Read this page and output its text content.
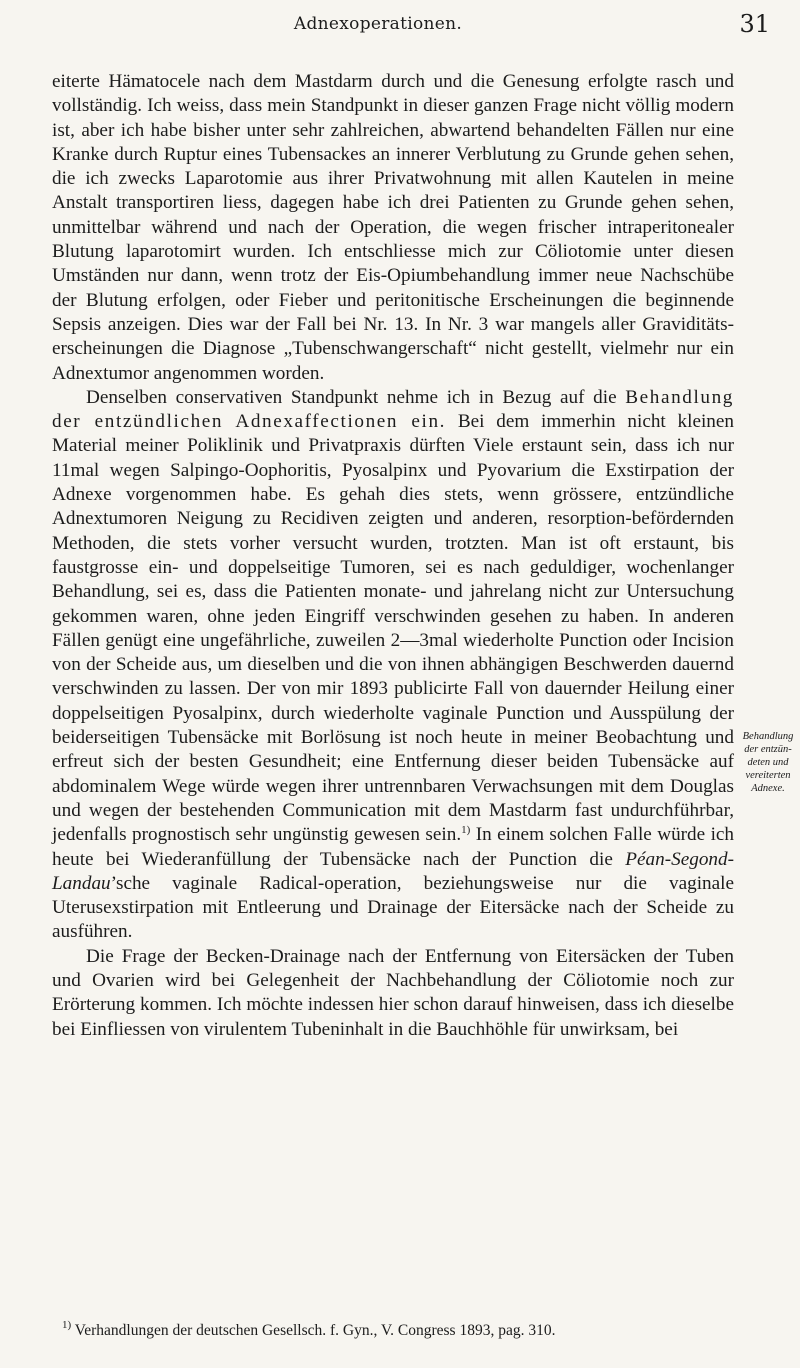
Adnexoperationen.	31

eiterte Hämatocele nach dem Mastdarm durch und die Genesung erfolgte rasch und vollständig. Ich weiss, dass mein Standpunkt in dieser ganzen Frage nicht völlig modern ist, aber ich habe bisher unter sehr zahlreichen, abwartend behandelten Fällen nur eine Kranke durch Ruptur eines Tubensackes an innerer Verblutung zu Grunde gehen sehen, die ich zwecks Laparotomie aus ihrer Privatwohnung mit allen Kautelen in meine Anstalt transportiren liess, dagegen habe ich drei Patienten zu Grunde gehen sehen, unmittelbar während und nach der Operation, die wegen frischer intraperitonealer Blutung laparotomirt wurden. Ich entschliesse mich zur Cöliotomie unter diesen Umständen nur dann, wenn trotz der Eis-Opiumbehandlung immer neue Nachschübe der Blutung erfolgen, oder Fieber und peritonitische Erscheinungen die beginnende Sepsis anzeigen. Dies war der Fall bei Nr. 13. In Nr. 3 war mangels aller Graviditäts-erscheinungen die Diagnose „Tubenschwangerschaft“ nicht gestellt, vielmehr nur ein Adnextumor angenommen worden.

Denselben conservativen Standpunkt nehme ich in Bezug auf die Behandlung der entzündlichen Adnexaffectionen ein. Bei dem immerhin nicht kleinen Material meiner Poliklinik und Privatpraxis dürften Viele erstaunt sein, dass ich nur 11mal wegen Salpingo-Oophoritis, Pyosalpinx und Pyovarium die Exstirpation der Adnexe vorgenommen habe. Es gehah dies stets, wenn grössere, entzündliche Adnextumoren Neigung zu Recidiven zeigten und anderen, resorption-befördernden Methoden, die stets vorher versucht wurden, trotzten. Man ist oft erstaunt, bis faustgrosse ein- und doppelseitige Tumoren, sei es nach geduldiger, wochenlanger Behandlung, sei es, dass die Patienten monate- und jahrelang nicht zur Untersuchung gekommen waren, ohne jeden Eingriff verschwinden gesehen zu haben. In anderen Fällen genügt eine ungefährliche, zuweilen 2—3mal wiederholte Punction oder Incision von der Scheide aus, um dieselben und die von ihnen abhängigen Beschwerden dauernd verschwinden zu lassen. Der von mir 1893 publicirte Fall von dauernder Heilung einer doppelseitigen Pyosalpinx, durch wiederholte vaginale Punction und Ausspülung der beiderseitigen Tubensäcke mit Borlösung ist noch heute in meiner Beobachtung und erfreut sich der besten Gesundheit; eine Entfernung dieser beiden Tubensäcke auf abdominalem Wege würde wegen ihrer untrennbaren Verwachsungen mit dem Douglas und wegen der bestehenden Communication mit dem Mastdarm fast undurchführbar, jedenfalls prognostisch sehr ungünstig gewesen sein.$^{1)}$ In einem solchen Falle würde ich heute bei Wiederanfüllung der Tubensäcke nach der Punction die Péan-Segond-Landau’sche vaginale Radical-operation, beziehungsweise nur die vaginale Uterusexstirpation mit Entleerung und Drainage der Eitersäcke nach der Scheide zu ausführen.

Die Frage der Becken-Drainage nach der Entfernung von Eitersäcken der Tuben und Ovarien wird bei Gelegenheit der Nachbehandlung der Cöliotomie noch zur Erörterung kommen. Ich möchte indessen hier schon darauf hinweisen, dass ich dieselbe bei Einfliessen von virulentem Tubeninhalt in die Bauchhöhle für unwirksam, bei

Behandlung
der entzün-
deten und
vereiterten
Adnexe.
$^{1)}$ Verhandlungen der deutschen Gesellsch. f. Gyn., V. Congress 1893, pag. 310.
